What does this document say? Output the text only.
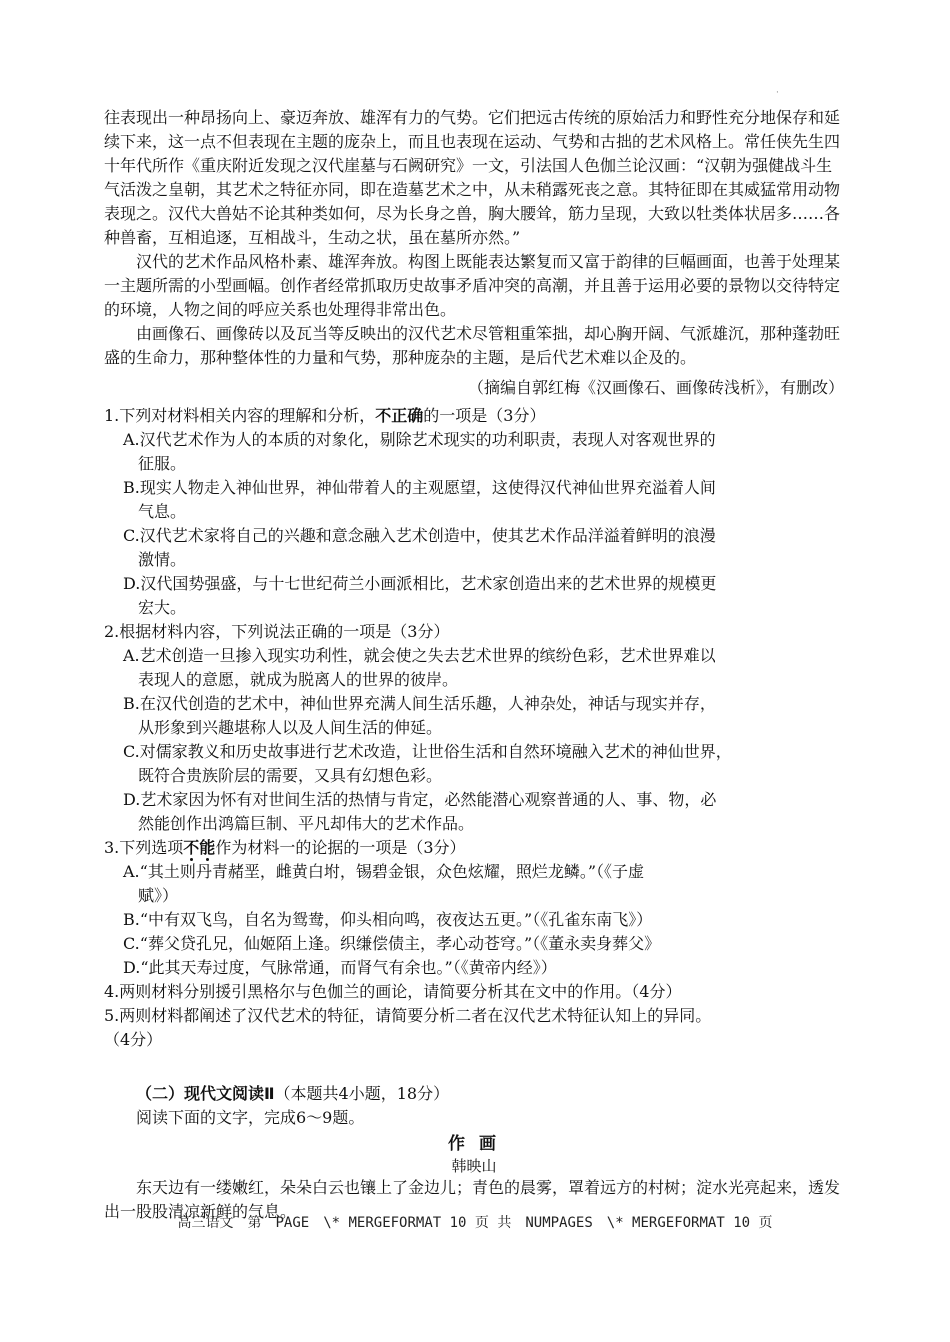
·

往表现出一种昂扬向上、豪迈奔放、雄浑有力的气势。它们把远古传统的原始活力和野性充分地保存和延续下来，这一点不但表现在主题的庞杂上，而且也表现在运动、气势和古拙的艺术风格上。常任侠先生四十年代所作《重庆附近发现之汉代崖墓与石阙研究》一文，引法国人色伽兰论汉画：“汉朝为强健战斗生气活泼之皇朝，其艺术之特征亦同，即在造墓艺术之中，从未稍露死丧之意。其特征即在其威猛常用动物表现之。汉代大兽姑不论其种类如何，尽为长身之兽，胸大腰耸，筋力呈现，大致以牡类体状居多……各种兽畜，互相追逐，互相战斗，生动之状，虽在墓所亦然。”

汉代的艺术作品风格朴素、雄浑奔放。构图上既能表达繁复而又富于韵律的巨幅画面，也善于处理某一主题所需的小型画幅。创作者经常抓取历史故事矛盾冲突的高潮，并且善于运用必要的景物以交待特定的环境，人物之间的呼应关系也处理得非常出色。

由画像石、画像砖以及瓦当等反映出的汉代艺术尽管粗重笨拙，却心胸开阔、气派雄沉，那种蓬勃旺盛的生命力，那种整体性的力量和气势，那种庞杂的主题，是后代艺术难以企及的。

（摘编自郭红梅《汉画像石、画像砖浅析》，有删改）

1.下列对材料相关内容的理解和分析，不正确的一项是（3分）

A.汉代艺术作为人的本质的对象化，剔除艺术现实的功利职责，表现人对客观世界的
征服。

B.现实人物走入神仙世界，神仙带着人的主观愿望，这使得汉代神仙世界充溢着人间
气息。

C.汉代艺术家将自己的兴趣和意念融入艺术创造中，使其艺术作品洋溢着鲜明的浪漫
激情。

D.汉代国势强盛，与十七世纪荷兰小画派相比，艺术家创造出来的艺术世界的规模更
宏大。

2.根据材料内容，下列说法正确的一项是（3分）

A.艺术创造一旦掺入现实功利性，就会使之失去艺术世界的缤纷色彩，艺术世界难以
表现人的意愿，就成为脱离人的世界的彼岸。

B.在汉代创造的艺术中，神仙世界充满人间生活乐趣，人神杂处，神话与现实并存，
从形象到兴趣堪称人以及人间生活的伸延。

C.对儒家教义和历史故事进行艺术改造，让世俗生活和自然环境融入艺术的神仙世界，
既符合贵族阶层的需要，又具有幻想色彩。

D.艺术家因为怀有对世间生活的热情与肯定，必然能潜心观察普通的人、事、物，必
然能创作出鸿篇巨制、平凡却伟大的艺术作品。

3.下列选项不能作为材料一的论据的一项是（3分）

A.“其土则丹青赭垩，雌黄白坿，锡碧金银，众色炫耀，照烂龙鳞。”（《子虚
赋》）

B.“中有双飞鸟，自名为鸳鸯，仰头相向鸣，夜夜达五更。”（《孔雀东南飞》）

C.“葬父贷孔兄，仙姬陌上逢。织缣偿债主，孝心动苍穹。”（《董永卖身葬父》

D.“此其天寿过度，气脉常通，而肾气有余也。”（《黄帝内经》）

4.两则材料分别援引黑格尔与色伽兰的画论，请简要分析其在文中的作用。（4分）

5.两则材料都阐述了汉代艺术的特征，请简要分析二者在汉代艺术特征认知上的异同。

（4分）

（二）现代文阅读Ⅱ（本题共4小题，18分）

阅读下面的文字，完成6～9题。

作 画

韩映山

东天边有一缕嫩红，朵朵白云也镶上了金边儿；青色的晨雾，罩着远方的村树；淀水光亮起来，透发出一股股清凉新鲜的气息。

高三语文　第　PAGE　\* MERGEFORMAT 10 页 共　NUMPAGES　\* MERGEFORMAT 10 页
